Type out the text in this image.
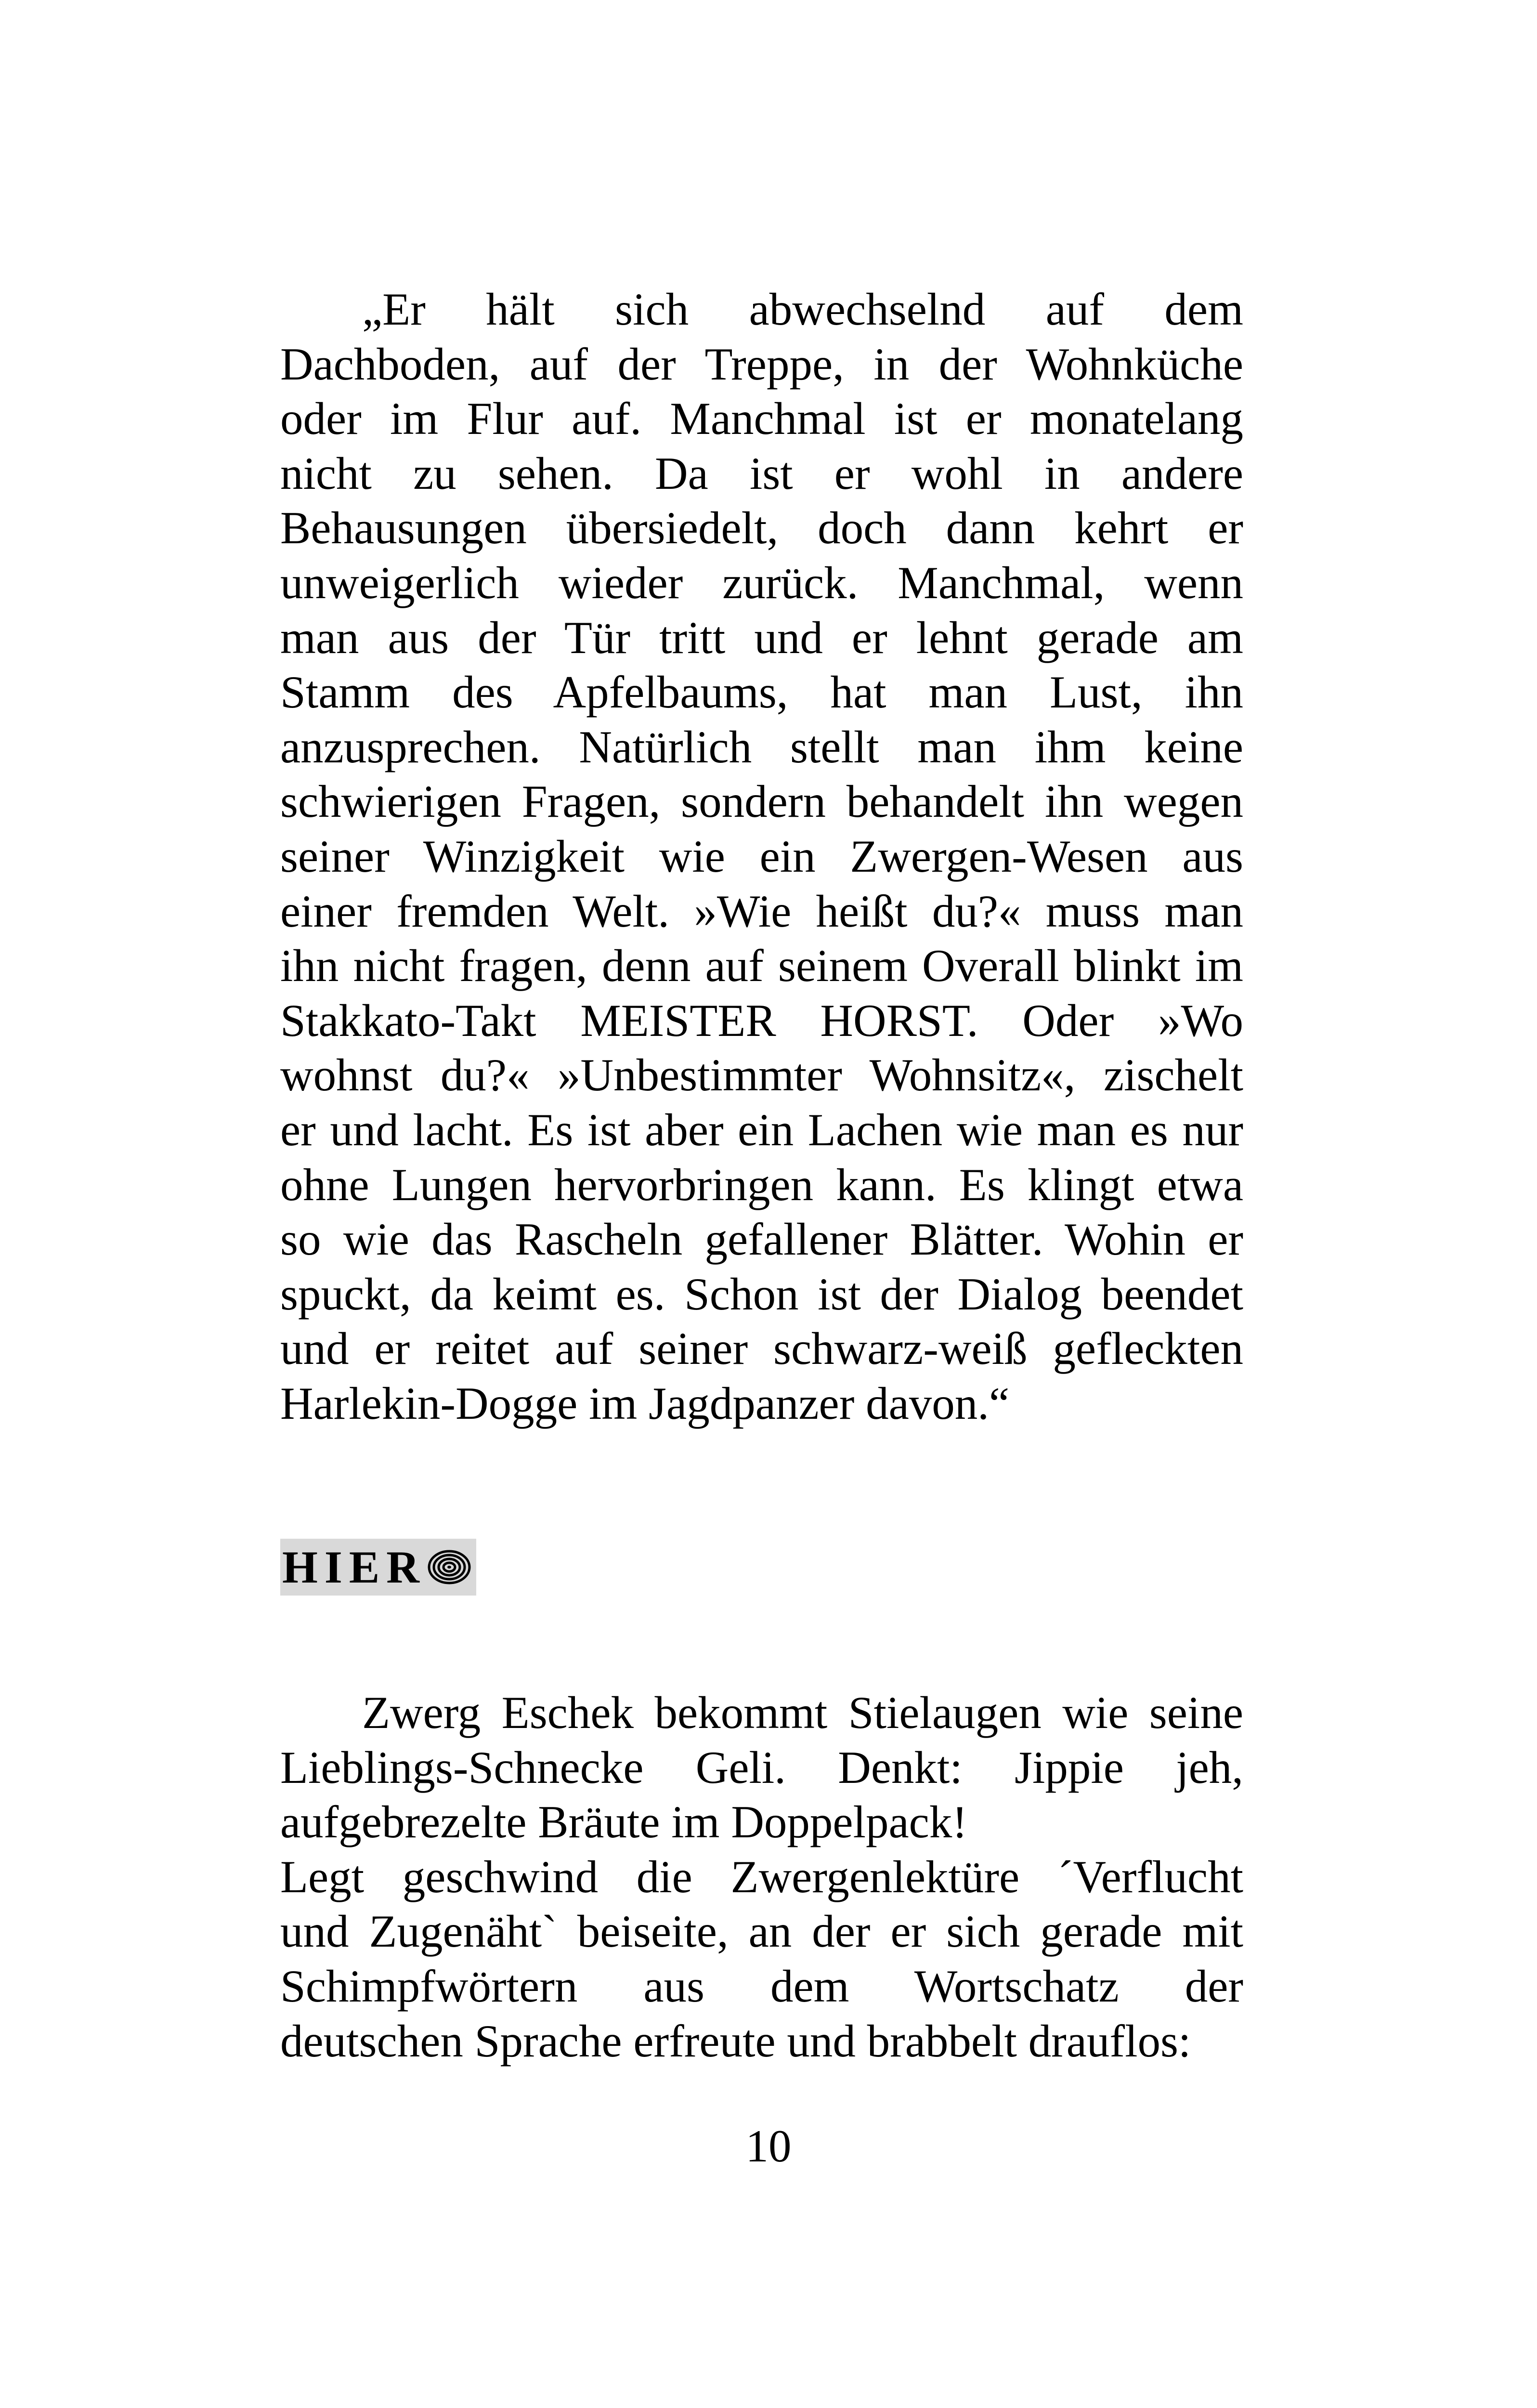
„Er hält sich abwechselnd auf dem
Dachboden, auf der Treppe, in der Wohnküche
oder im Flur auf. Manchmal ist er monatelang
nicht zu sehen. Da ist er wohl in andere
Behausungen übersiedelt, doch dann kehrt er
unweigerlich wieder zurück. Manchmal, wenn
man aus der Tür tritt und er lehnt gerade am
Stamm des Apfelbaums, hat man Lust, ihn
anzusprechen. Natürlich stellt man ihm keine
schwierigen Fragen, sondern behandelt ihn wegen
seiner Winzigkeit wie ein Zwergen-Wesen aus
einer fremden Welt. »Wie heißt du?« muss man
ihn nicht fragen, denn auf seinem Overall blinkt im
Stakkato-Takt MEISTER HORST. Oder »Wo
wohnst du?« »Unbestimmter Wohnsitz«, zischelt
er und lacht. Es ist aber ein Lachen wie man es nur
ohne Lungen hervorbringen kann. Es klingt etwa
so wie das Rascheln gefallener Blätter. Wohin er
spuckt, da keimt es. Schon ist der Dialog beendet
und er reitet auf seiner schwarz-weiß gefleckten
Harlekin-Dogge im Jagdpanzer davon.“
HIER
Zwerg Eschek bekommt Stielaugen wie seine
Lieblings-Schnecke Geli. Denkt: Jippie jeh,
aufgebrezelte Bräute im Doppelpack!
Legt geschwind die Zwergenlektüre ´Verflucht
und Zugenäht` beiseite, an der er sich gerade mit
Schimpfwörtern aus dem Wortschatz der
deutschen Sprache erfreute und brabbelt drauflos:
10
